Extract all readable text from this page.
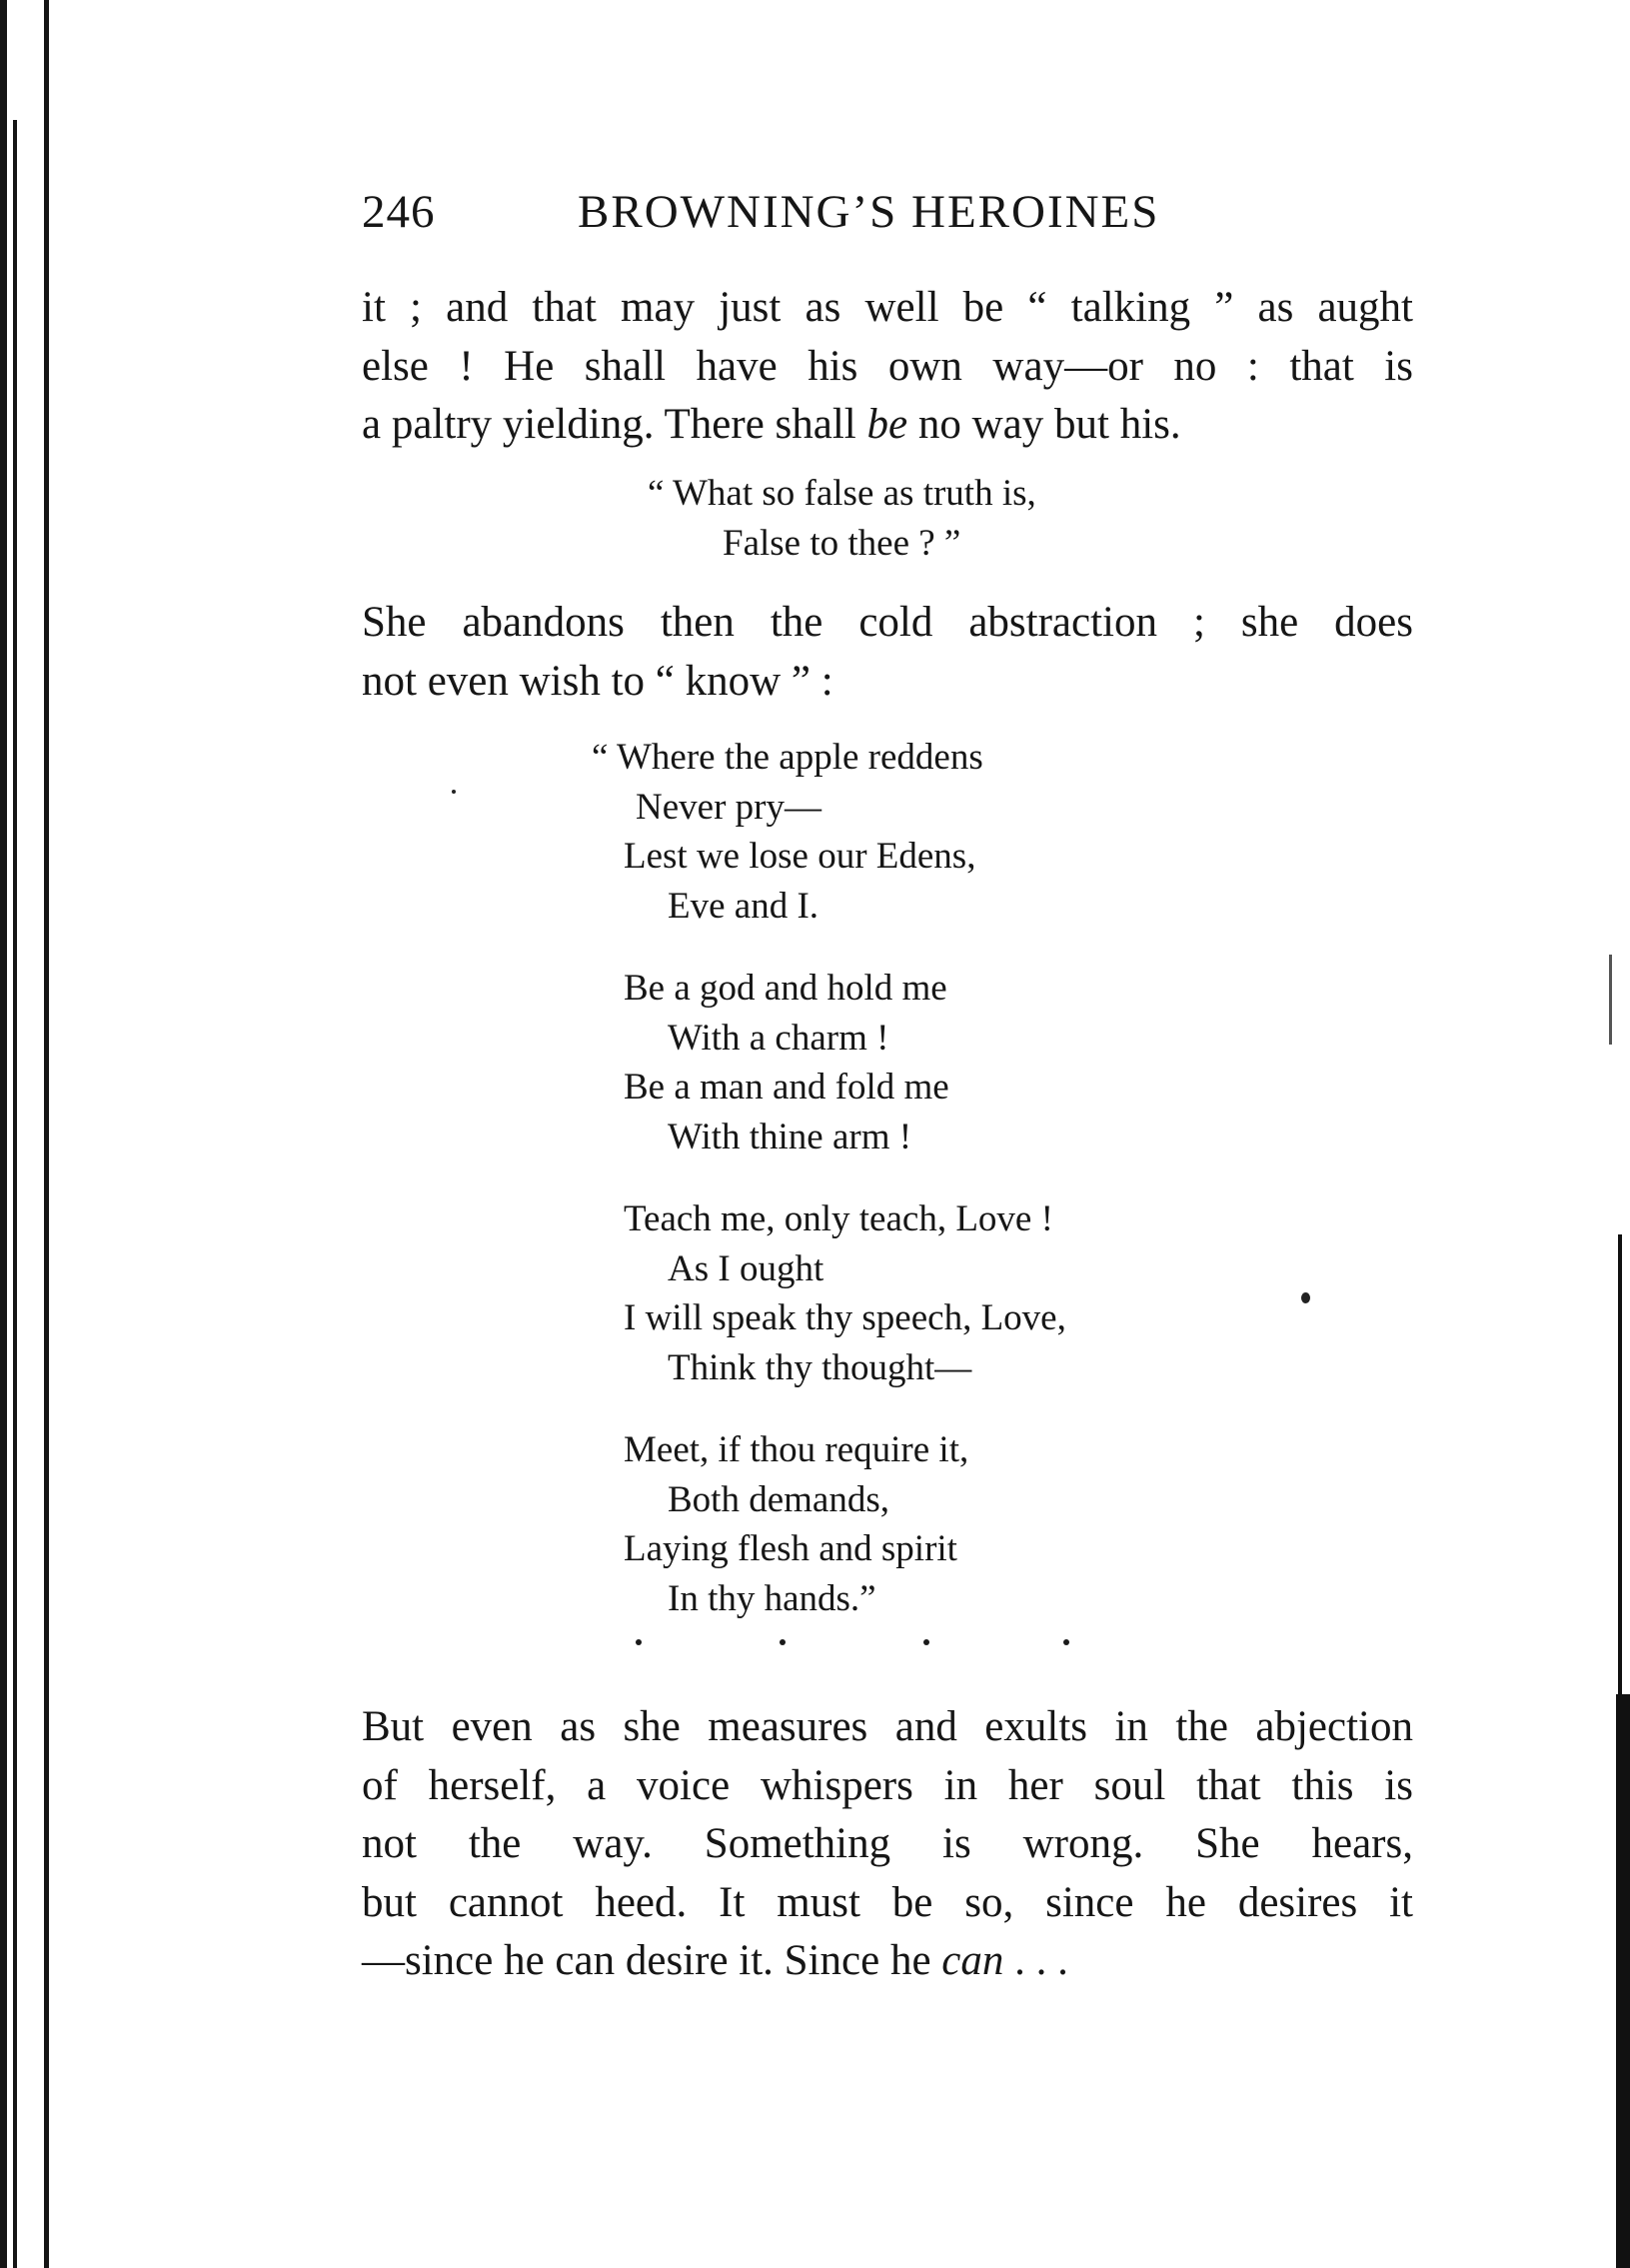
246	BROWNING’S HEROINES
it ; and that may just as well be “ talking ” as aught
else ! He shall have his own way—or no : that is
a paltry yielding. There shall be no way but his.
“ What so false as truth is,
False to thee ? ”
She abandons then the cold abstraction ; she does
not even wish to “ know ” :
“ Where the apple reddens
Never pry—
Lest we lose our Edens,
Eve and I.
Be a god and hold me
With a charm !
Be a man and fold me
With thine arm !
Teach me, only teach, Love !
As I ought
I will speak thy speech, Love,
Think thy thought—
Meet, if thou require it,
Both demands,
Laying flesh and spirit
In thy hands.”
But even as she measures and exults in the abjection
of herself, a voice whispers in her soul that this is
not the way. Something is wrong. She hears,
but cannot heed. It must be so, since he desires it
—since he can desire it. Since he can . . .
